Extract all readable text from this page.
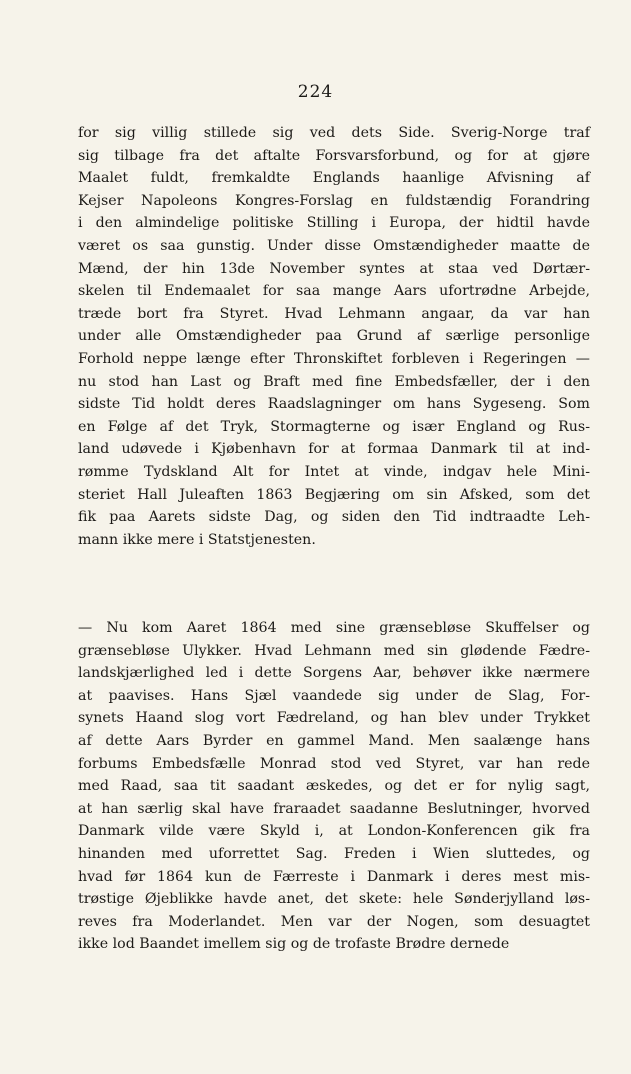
224

for sig villig stillede sig ved dets Side. Sverig-Norge traf
sig tilbage fra det aftalte Forsvarsforbund, og for at gjøre
Maalet fuldt, fremkaldte Englands haanlige Afvisning af
Kejser Napoleons Kongres-Forslag en fuldstændig Forandring
i den almindelige politiske Stilling i Europa, der hidtil havde
været os saa gunstig. Under disse Omstændigheder maatte de
Mænd, der hin 13de November syntes at staa ved Dørtær-
skelen til Endemaalet for saa mange Aars ufortrødne Arbejde,
træde bort fra Styret. Hvad Lehmann angaar, da var han
under alle Omstændigheder paa Grund af særlige personlige
Forhold neppe længe efter Thronskiftet forbleven i Regeringen —
nu stod han Last og Braft med fine Embedsfæller, der i den
sidste Tid holdt deres Raadslagninger om hans Sygeseng. Som
en Følge af det Tryk, Stormagterne og især England og Rus-
land udøvede i Kjøbenhavn for at formaa Danmark til at ind-
rømme Tydskland Alt for Intet at vinde, indgav hele Mini-
steriet Hall Juleaften 1863 Begjæring om sin Afsked, som det
fik paa Aarets sidste Dag, og siden den Tid indtraadte Leh-
mann ikke mere i Statstjenesten.

— Nu kom Aaret 1864 med sine grænsebløse Skuffelser og
grænsebløse Ulykker. Hvad Lehmann med sin glødende Fædre-
landskjærlighed led i dette Sorgens Aar, behøver ikke nærmere
at paavises. Hans Sjæl vaandede sig under de Slag, For-
synets Haand slog vort Fædreland, og han blev under Trykket
af dette Aars Byrder en gammel Mand. Men saalænge hans
forbums Embedsfælle Monrad stod ved Styret, var han rede
med Raad, saa tit saadant æskedes, og det er for nylig sagt,
at han særlig skal have fraraadet saadanne Beslutninger, hvorved
Danmark vilde være Skyld i, at London-Konferencen gik fra
hinanden med uforrettet Sag. Freden i Wien sluttedes, og
hvad før 1864 kun de Færreste i Danmark i deres mest mis-
trøstige Øjeblikke havde anet, det skete: hele Sønderjylland løs-
reves fra Moderlandet. Men var der Nogen, som desuagtet
ikke lod Baandet imellem sig og de trofaste Brødre dernede
